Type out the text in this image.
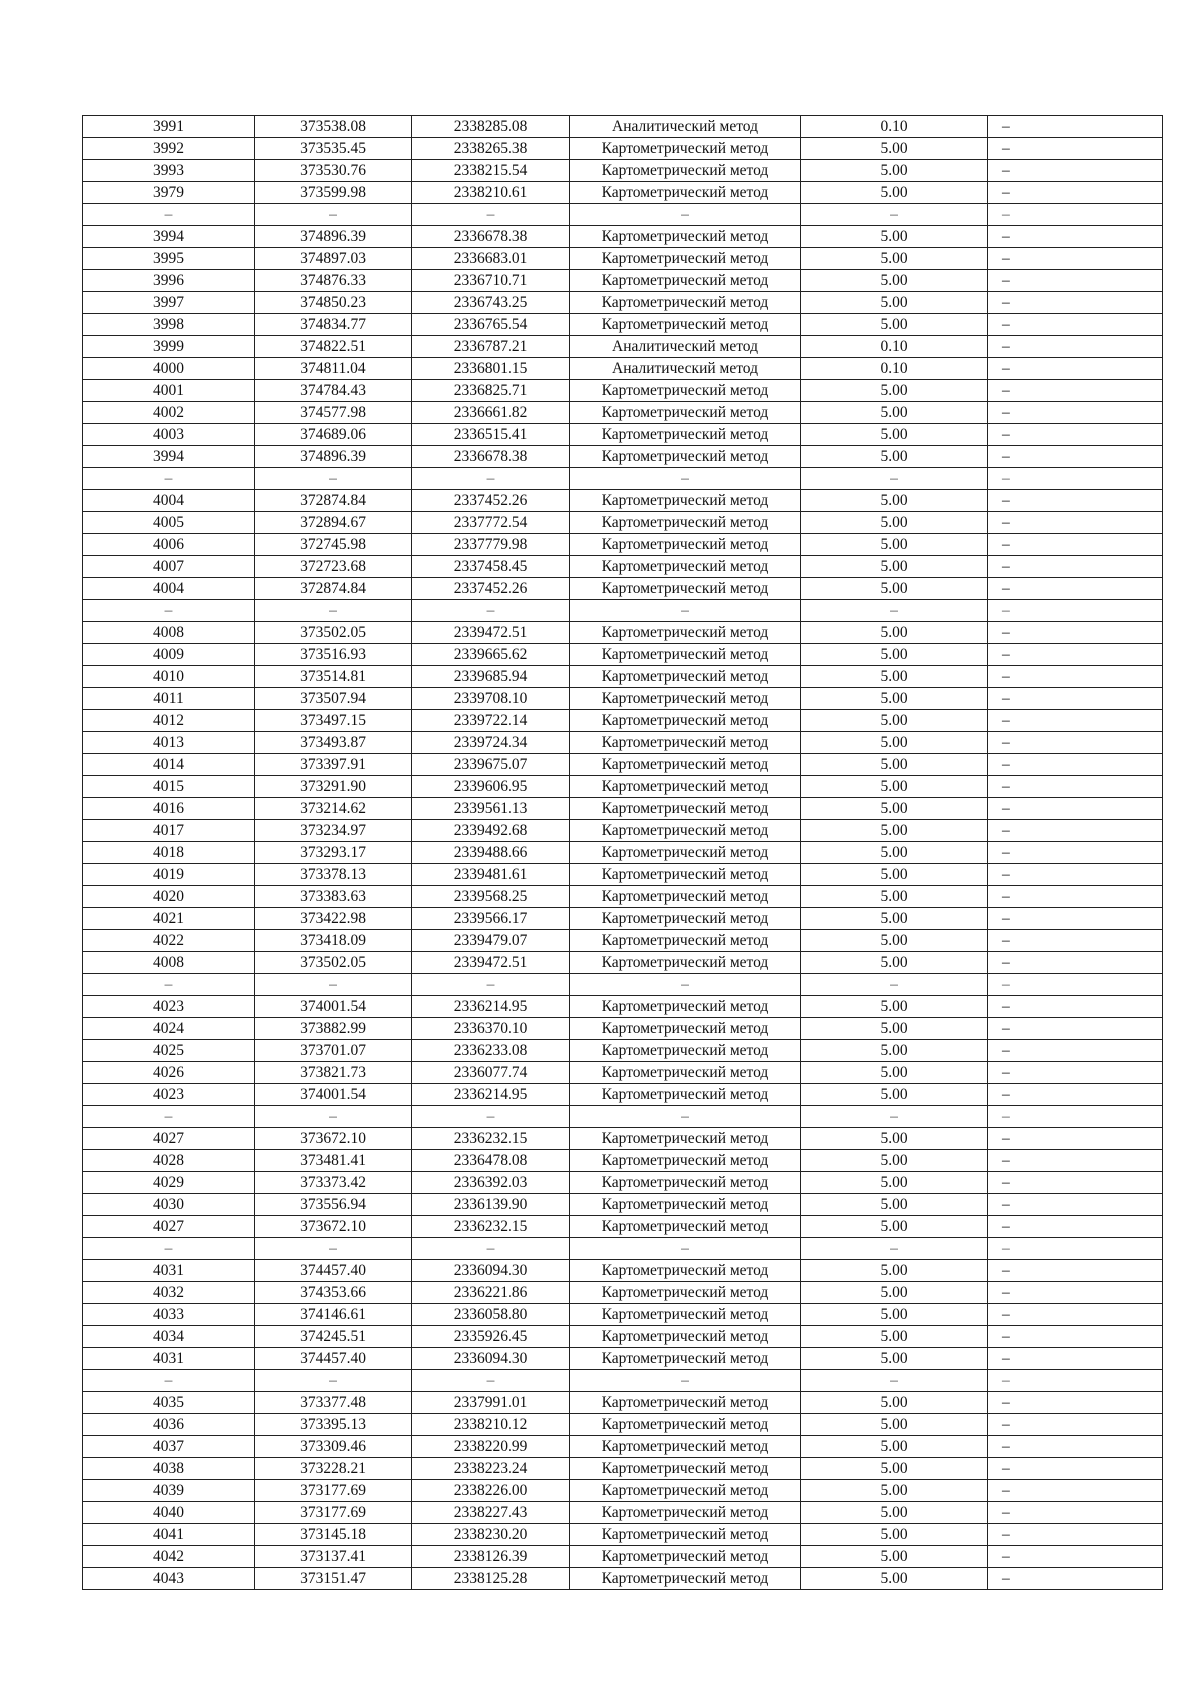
3991	373538.08	2338285.08	Аналитический метод	0.10	–
3992	373535.45	2338265.38	Картометрический метод	5.00	–
3993	373530.76	2338215.54	Картометрический метод	5.00	–
3979	373599.98	2338210.61	Картометрический метод	5.00	–
–	–	–	–	–	–
3994	374896.39	2336678.38	Картометрический метод	5.00	–
3995	374897.03	2336683.01	Картометрический метод	5.00	–
3996	374876.33	2336710.71	Картометрический метод	5.00	–
3997	374850.23	2336743.25	Картометрический метод	5.00	–
3998	374834.77	2336765.54	Картометрический метод	5.00	–
3999	374822.51	2336787.21	Аналитический метод	0.10	–
4000	374811.04	2336801.15	Аналитический метод	0.10	–
4001	374784.43	2336825.71	Картометрический метод	5.00	–
4002	374577.98	2336661.82	Картометрический метод	5.00	–
4003	374689.06	2336515.41	Картометрический метод	5.00	–
3994	374896.39	2336678.38	Картометрический метод	5.00	–
–	–	–	–	–	–
4004	372874.84	2337452.26	Картометрический метод	5.00	–
4005	372894.67	2337772.54	Картометрический метод	5.00	–
4006	372745.98	2337779.98	Картометрический метод	5.00	–
4007	372723.68	2337458.45	Картометрический метод	5.00	–
4004	372874.84	2337452.26	Картометрический метод	5.00	–
–	–	–	–	–	–
4008	373502.05	2339472.51	Картометрический метод	5.00	–
4009	373516.93	2339665.62	Картометрический метод	5.00	–
4010	373514.81	2339685.94	Картометрический метод	5.00	–
4011	373507.94	2339708.10	Картометрический метод	5.00	–
4012	373497.15	2339722.14	Картометрический метод	5.00	–
4013	373493.87	2339724.34	Картометрический метод	5.00	–
4014	373397.91	2339675.07	Картометрический метод	5.00	–
4015	373291.90	2339606.95	Картометрический метод	5.00	–
4016	373214.62	2339561.13	Картометрический метод	5.00	–
4017	373234.97	2339492.68	Картометрический метод	5.00	–
4018	373293.17	2339488.66	Картометрический метод	5.00	–
4019	373378.13	2339481.61	Картометрический метод	5.00	–
4020	373383.63	2339568.25	Картометрический метод	5.00	–
4021	373422.98	2339566.17	Картометрический метод	5.00	–
4022	373418.09	2339479.07	Картометрический метод	5.00	–
4008	373502.05	2339472.51	Картометрический метод	5.00	–
–	–	–	–	–	–
4023	374001.54	2336214.95	Картометрический метод	5.00	–
4024	373882.99	2336370.10	Картометрический метод	5.00	–
4025	373701.07	2336233.08	Картометрический метод	5.00	–
4026	373821.73	2336077.74	Картометрический метод	5.00	–
4023	374001.54	2336214.95	Картометрический метод	5.00	–
–	–	–	–	–	–
4027	373672.10	2336232.15	Картометрический метод	5.00	–
4028	373481.41	2336478.08	Картометрический метод	5.00	–
4029	373373.42	2336392.03	Картометрический метод	5.00	–
4030	373556.94	2336139.90	Картометрический метод	5.00	–
4027	373672.10	2336232.15	Картометрический метод	5.00	–
–	–	–	–	–	–
4031	374457.40	2336094.30	Картометрический метод	5.00	–
4032	374353.66	2336221.86	Картометрический метод	5.00	–
4033	374146.61	2336058.80	Картометрический метод	5.00	–
4034	374245.51	2335926.45	Картометрический метод	5.00	–
4031	374457.40	2336094.30	Картометрический метод	5.00	–
–	–	–	–	–	–
4035	373377.48	2337991.01	Картометрический метод	5.00	–
4036	373395.13	2338210.12	Картометрический метод	5.00	–
4037	373309.46	2338220.99	Картометрический метод	5.00	–
4038	373228.21	2338223.24	Картометрический метод	5.00	–
4039	373177.69	2338226.00	Картометрический метод	5.00	–
4040	373177.69	2338227.43	Картометрический метод	5.00	–
4041	373145.18	2338230.20	Картометрический метод	5.00	–
4042	373137.41	2338126.39	Картометрический метод	5.00	–
4043	373151.47	2338125.28	Картометрический метод	5.00	–
